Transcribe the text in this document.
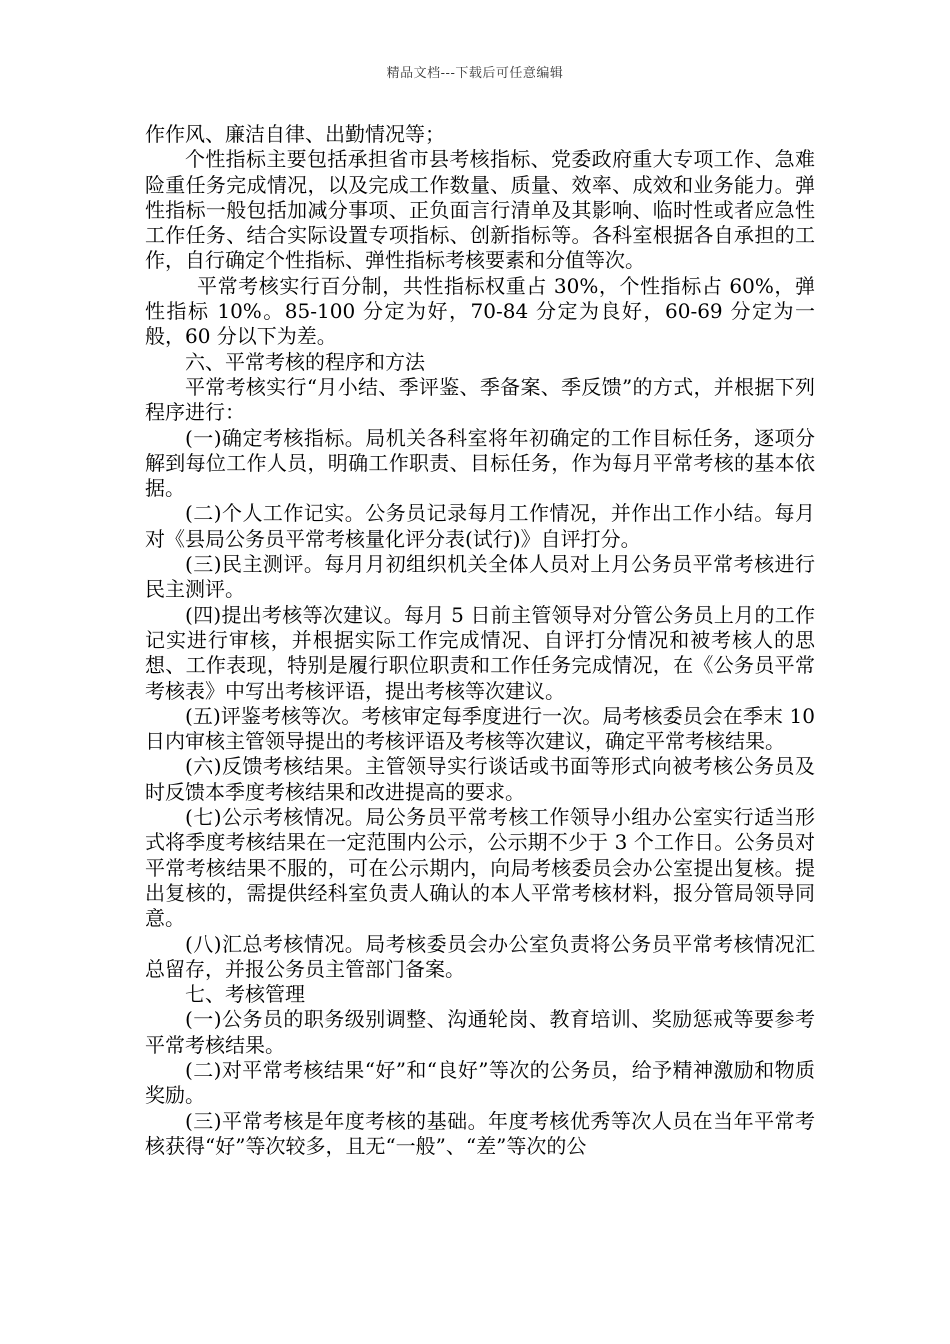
精品文档---下载后可任意编辑

作作风、廉洁自律、出勤情况等；

个性指标主要包括承担省市县考核指标、党委政府重大专项工作、急难险重任务完成情况，以及完成工作数量、质量、效率、成效和业务能力。弹性指标一般包括加减分事项、正负面言行清单及其影响、临时性或者应急性工作任务、结合实际设置专项指标、创新指标等。各科室根据各自承担的工作，自行确定个性指标、弹性指标考核要素和分值等次。

平常考核实行百分制，共性指标权重占 30%，个性指标占 60%，弹性指标 10%。85-100 分定为好，70-84 分定为良好，60-69 分定为一般，60 分以下为差。

六、平常考核的程序和方法

平常考核实行“月小结、季评鉴、季备案、季反馈”的方式，并根据下列程序进行：

(一)确定考核指标。局机关各科室将年初确定的工作目标任务，逐项分解到每位工作人员，明确工作职责、目标任务，作为每月平常考核的基本依据。

(二)个人工作记实。公务员记录每月工作情况，并作出工作小结。每月对《县局公务员平常考核量化评分表(试行)》自评打分。

(三)民主测评。每月月初组织机关全体人员对上月公务员平常考核进行民主测评。

(四)提出考核等次建议。每月 5 日前主管领导对分管公务员上月的工作记实进行审核，并根据实际工作完成情况、自评打分情况和被考核人的思想、工作表现，特别是履行职位职责和工作任务完成情况，在《公务员平常考核表》中写出考核评语，提出考核等次建议。

(五)评鉴考核等次。考核审定每季度进行一次。局考核委员会在季末 10 日内审核主管领导提出的考核评语及考核等次建议，确定平常考核结果。

(六)反馈考核结果。主管领导实行谈话或书面等形式向被考核公务员及时反馈本季度考核结果和改进提高的要求。

(七)公示考核情况。局公务员平常考核工作领导小组办公室实行适当形式将季度考核结果在一定范围内公示，公示期不少于 3 个工作日。公务员对平常考核结果不服的，可在公示期内，向局考核委员会办公室提出复核。提出复核的，需提供经科室负责人确认的本人平常考核材料，报分管局领导同意。

(八)汇总考核情况。局考核委员会办公室负责将公务员平常考核情况汇总留存，并报公务员主管部门备案。

七、考核管理

(一)公务员的职务级别调整、沟通轮岗、教育培训、奖励惩戒等要参考平常考核结果。

(二)对平常考核结果“好”和“良好”等次的公务员，给予精神激励和物质奖励。

(三)平常考核是年度考核的基础。年度考核优秀等次人员在当年平常考核获得“好”等次较多，且无“一般”、“差”等次的公
